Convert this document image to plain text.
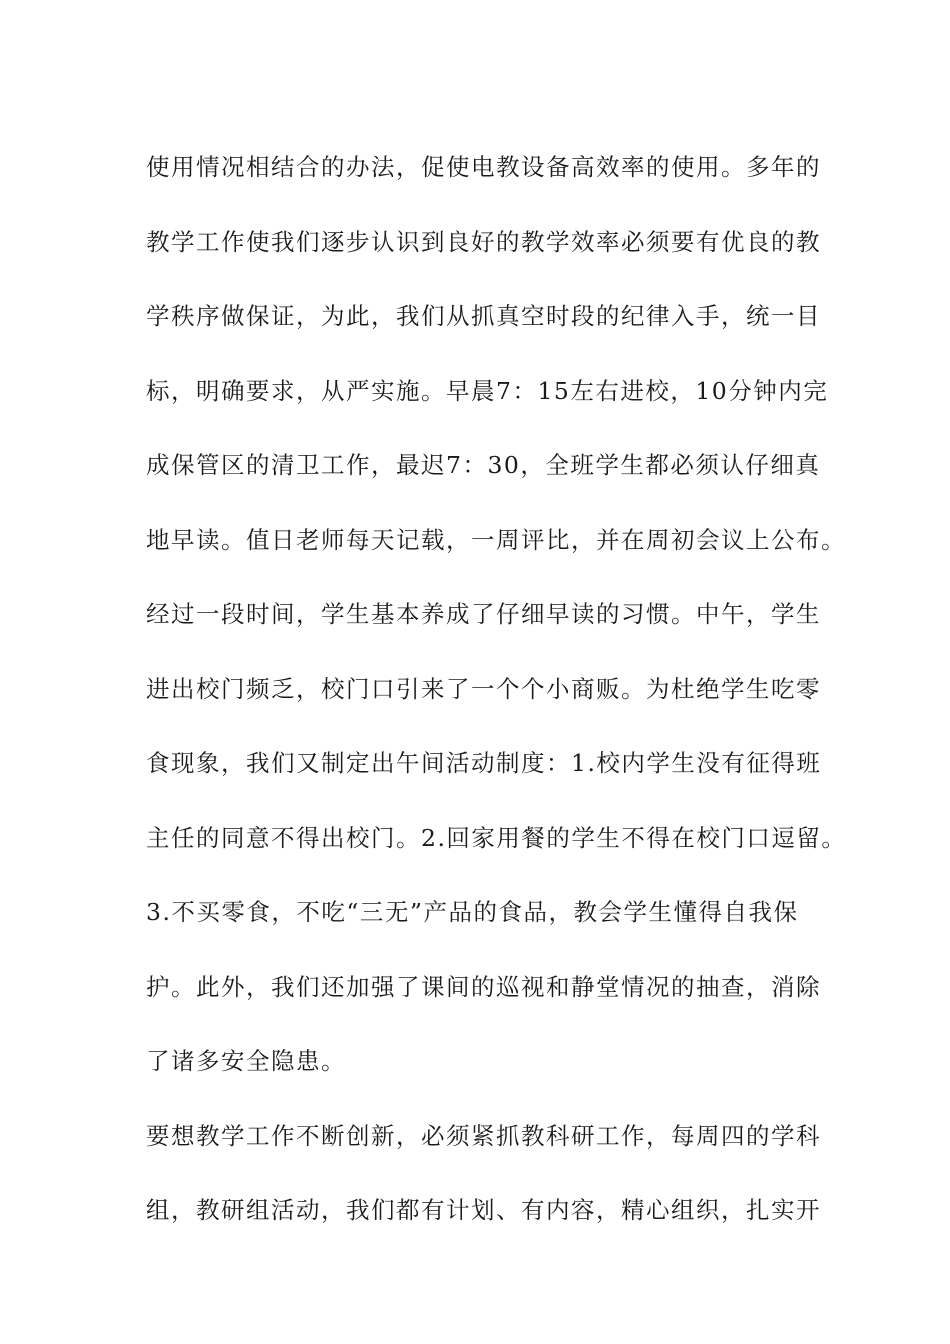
使用情况相结合的办法，促使电教设备高效率的使用。多年的
教学工作使我们逐步认识到良好的教学效率必须要有优良的教
学秩序做保证，为此，我们从抓真空时段的纪律入手，统一目
标，明确要求，从严实施。早晨7：15左右进校，10分钟内完
成保管区的清卫工作，最迟7：30，全班学生都必须认仔细真
地早读。值日老师每天记载，一周评比，并在周初会议上公布。
经过一段时间，学生基本养成了仔细早读的习惯。中午，学生
进出校门频乏，校门口引来了一个个小商贩。为杜绝学生吃零
食现象，我们又制定出午间活动制度：1.校内学生没有征得班
主任的同意不得出校门。2.回家用餐的学生不得在校门口逗留。
3.不买零食，不吃“三无”产品的食品，教会学生懂得自我保
护。此外，我们还加强了课间的巡视和静堂情况的抽查，消除
了诸多安全隐患。
要想教学工作不断创新，必须紧抓教科研工作，每周四的学科
组，教研组活动，我们都有计划、有内容，精心组织，扎实开
